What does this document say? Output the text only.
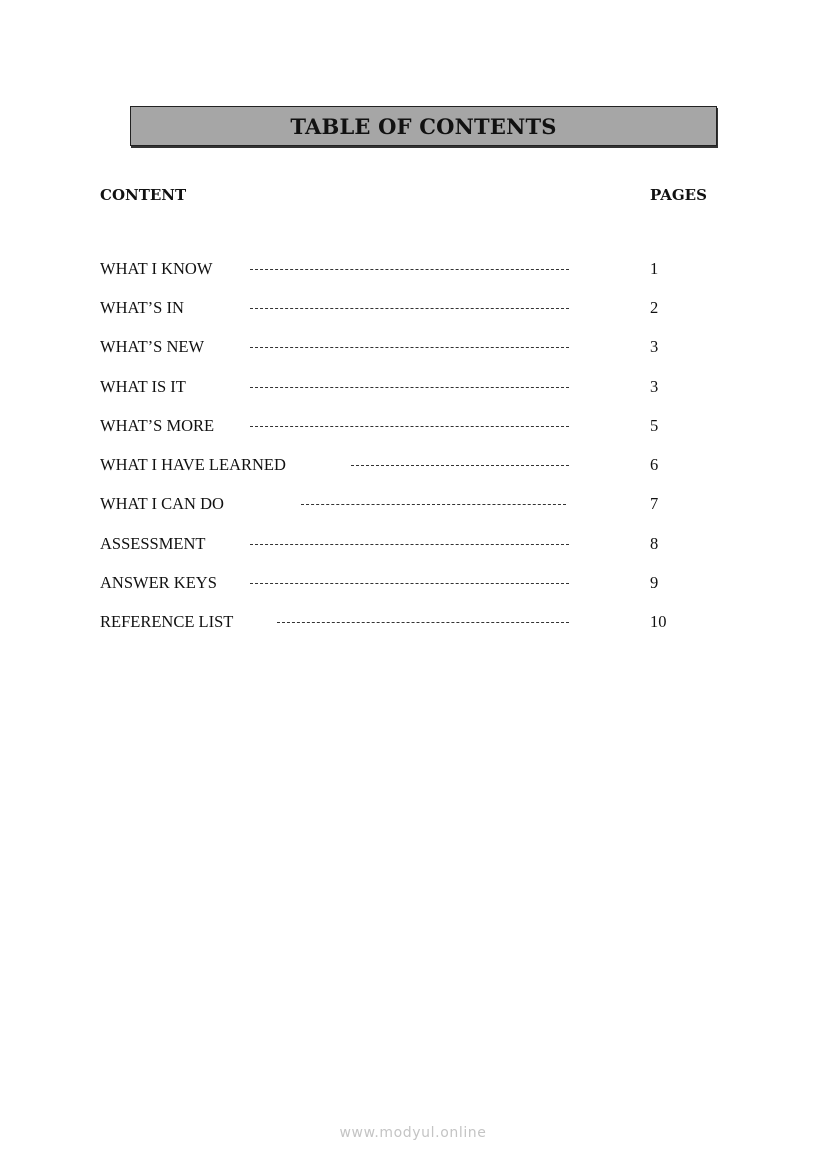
TABLE OF CONTENTS
CONTENT	PAGES
WHAT I KNOW	1
WHAT’S IN	2
WHAT’S NEW	3
WHAT IS IT	3
WHAT’S MORE	5
WHAT I HAVE LEARNED	6
WHAT I CAN DO	7
ASSESSMENT	8
ANSWER KEYS	9
REFERENCE LIST	10
www.modyul.online
